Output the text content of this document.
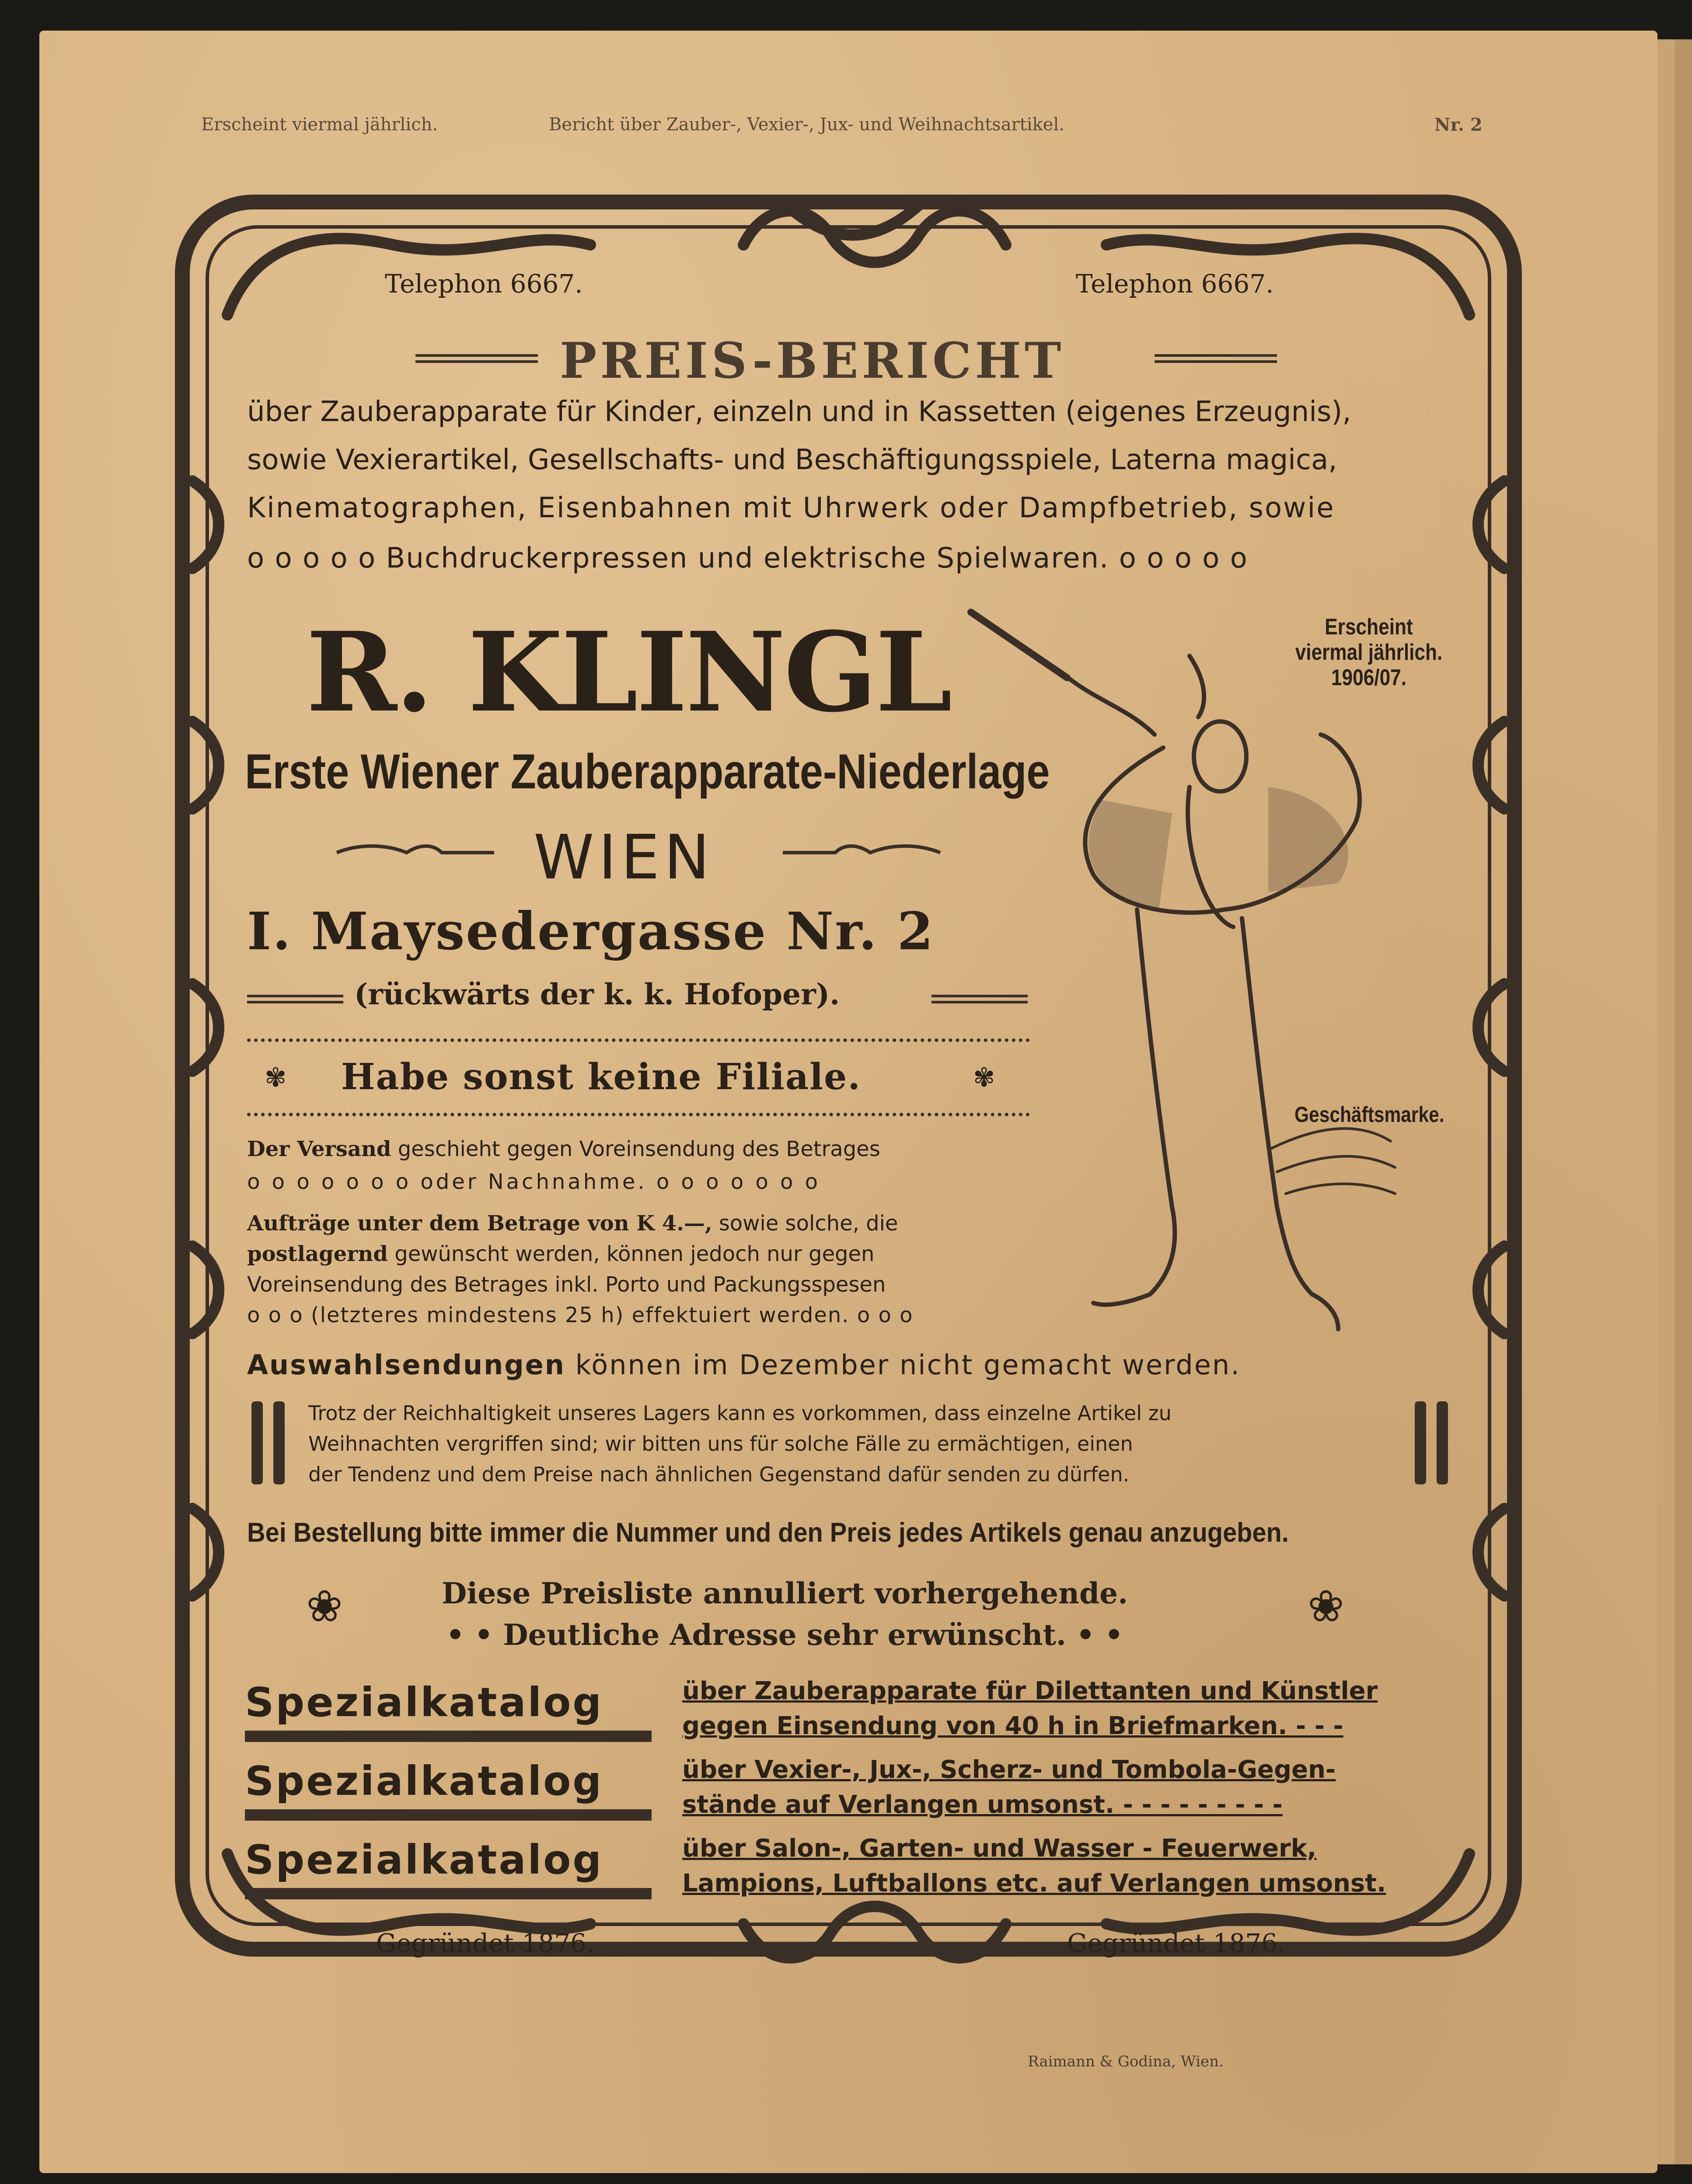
Erscheint viermal jährlich.	Bericht über Zauber-, Vexier-, Jux- und Weihnachtsartikel.	Nr. 2
Telephon 6667.	Telephon 6667.
PREIS-BERICHT
über Zauberapparate für Kinder, einzeln und in Kassetten (eigenes Erzeugnis),
sowie Vexierartikel, Gesellschafts- und Beschäftigungsspiele, Laterna magica,
Kinematographen, Eisenbahnen mit Uhrwerk oder Dampfbetrieb, sowie
o o o o o Buchdruckerpressen und elektrische Spielwaren. o o o o o
R. KLINGL
Erste Wiener Zauberapparate-Niederlage
WIEN
I. Maysedergasse Nr. 2
(rückwärts der k. k. Hofoper).
✾ Habe sonst keine Filiale.	✾
Erscheint
viermal jährlich.
1906/07.
Geschäftsmarke.
Der Versand geschieht gegen Voreinsendung des Betrages
o o o o o o o oder Nachnahme. o o o o o o o
Aufträge unter dem Betrage von K 4.—, sowie solche, die
postlagernd gewünscht werden, können jedoch nur gegen
Voreinsendung des Betrages inkl. Porto und Packungsspesen
o o o (letzteres mindestens 25 h) effektuiert werden. o o o
Auswahlsendungen können im Dezember nicht gemacht werden.
Trotz der Reichhaltigkeit unseres Lagers kann es vorkommen, dass einzelne Artikel zu
Weihnachten vergriffen sind; wir bitten uns für solche Fälle zu ermächtigen, einen
der Tendenz und dem Preise nach ähnlichen Gegenstand dafür senden zu dürfen.
Bei Bestellung bitte immer die Nummer und den Preis jedes Artikels genau anzugeben.
❀	Diese Preisliste annulliert vorhergehende.
• • Deutliche Adresse sehr erwünscht. • •
❀
Spezialkatalog	über Zauberapparate für Dilettanten und Künstler
gegen Einsendung von 40 h in Briefmarken. - - -
Spezialkatalog	über Vexier-, Jux-, Scherz- und Tombola-Gegen-
stände auf Verlangen umsonst. - - - - - - - - -
Spezialkatalog	über Salon-, Garten- und Wasser - Feuerwerk,
Lampions, Luftballons etc. auf Verlangen umsonst.
Gegründet 1876.	Gegründet 1876.
Raimann & Godina, Wien.
